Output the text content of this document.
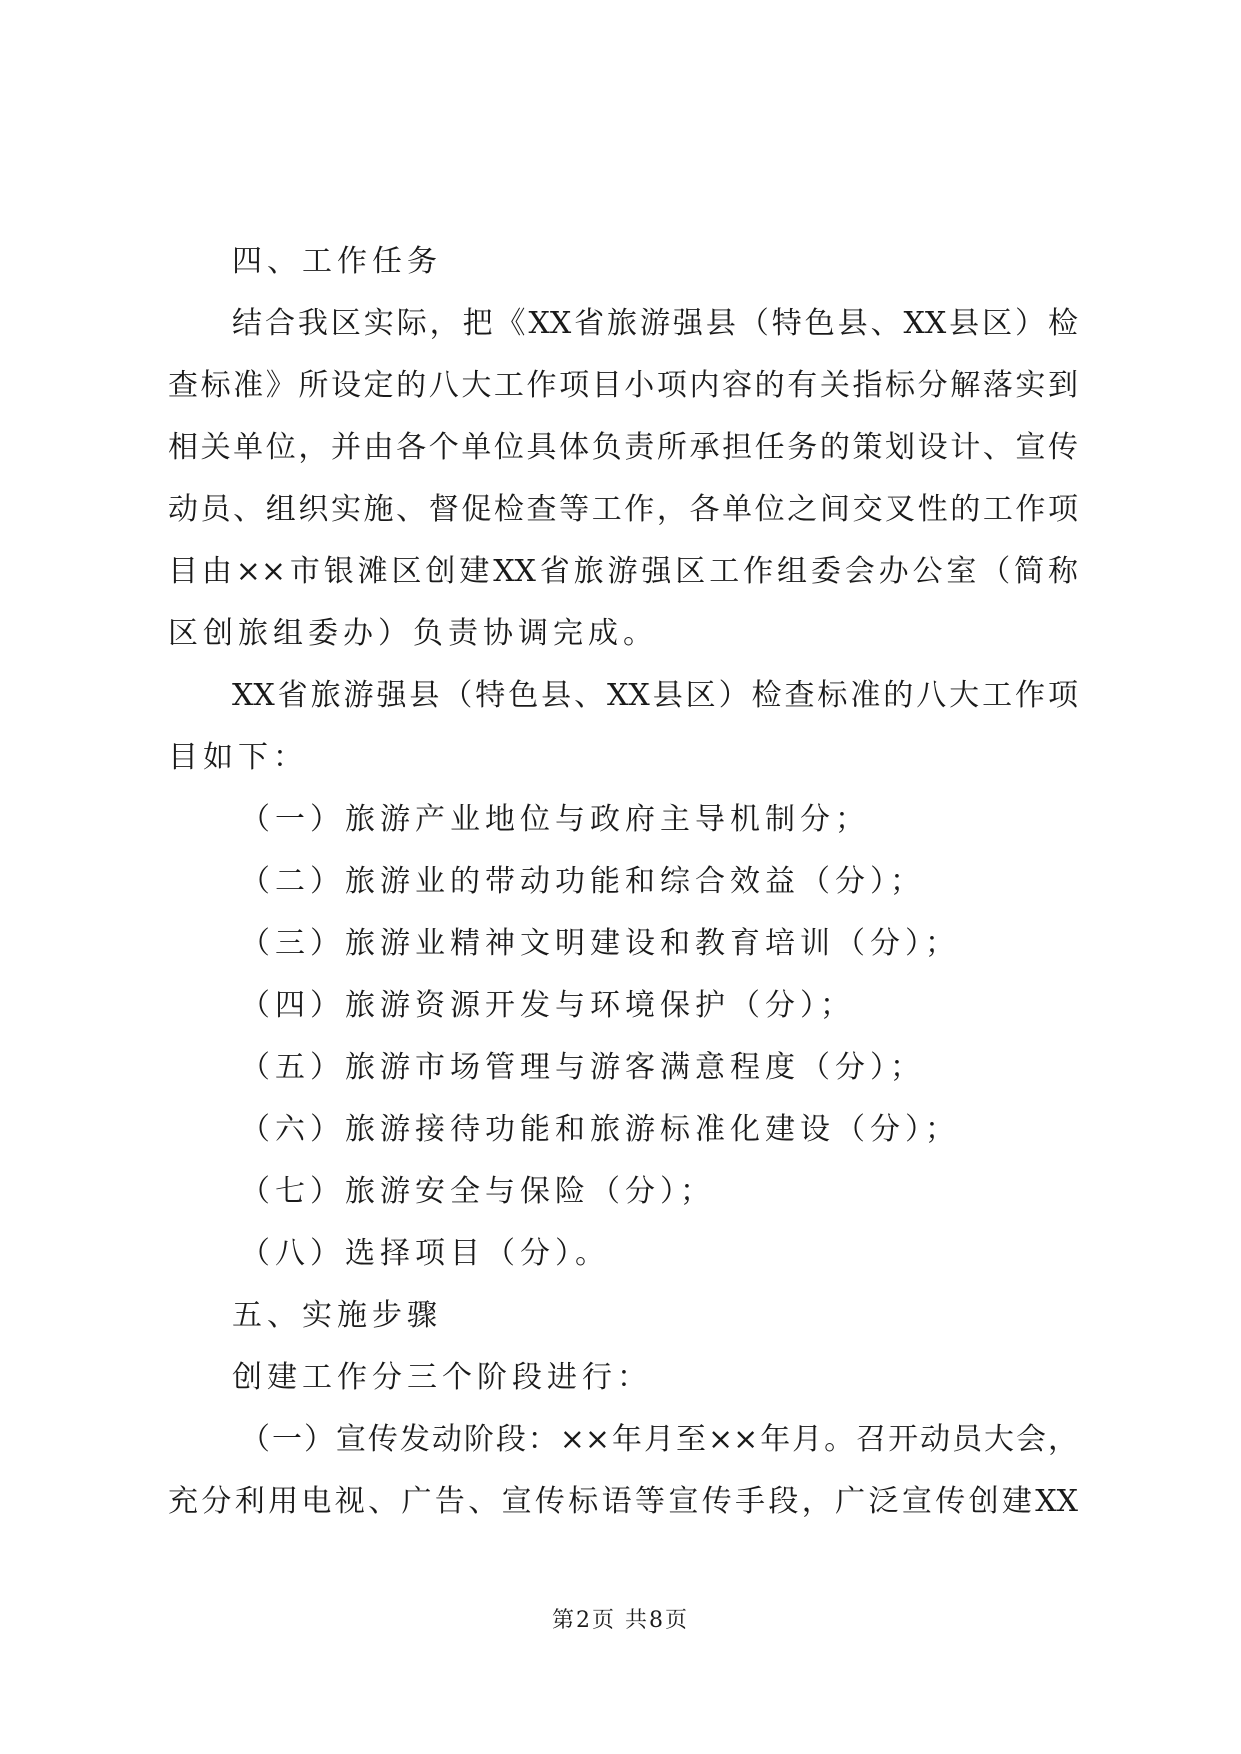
四、工作任务
结合我区实际，把《XX省旅游强县（特色县、XX县区）检
查标准》所设定的八大工作项目小项内容的有关指标分解落实到
相关单位，并由各个单位具体负责所承担任务的策划设计、宣传
动员、组织实施、督促检查等工作，各单位之间交叉性的工作项
目由××市银滩区创建XX省旅游强区工作组委会办公室（简称
区创旅组委办）负责协调完成。
XX省旅游强县（特色县、XX县区）检查标准的八大工作项
目如下：
（一）旅游产业地位与政府主导机制分；
（二）旅游业的带动功能和综合效益（分）；
（三）旅游业精神文明建设和教育培训（分）；
（四）旅游资源开发与环境保护（分）；
（五）旅游市场管理与游客满意程度（分）；
（六）旅游接待功能和旅游标准化建设（分）；
（七）旅游安全与保险（分）；
（八）选择项目（分）。
五、实施步骤
创建工作分三个阶段进行：
（一）宣传发动阶段：××年月至××年月。召开动员大会，
充分利用电视、广告、宣传标语等宣传手段，广泛宣传创建XX
第2页 共8页
